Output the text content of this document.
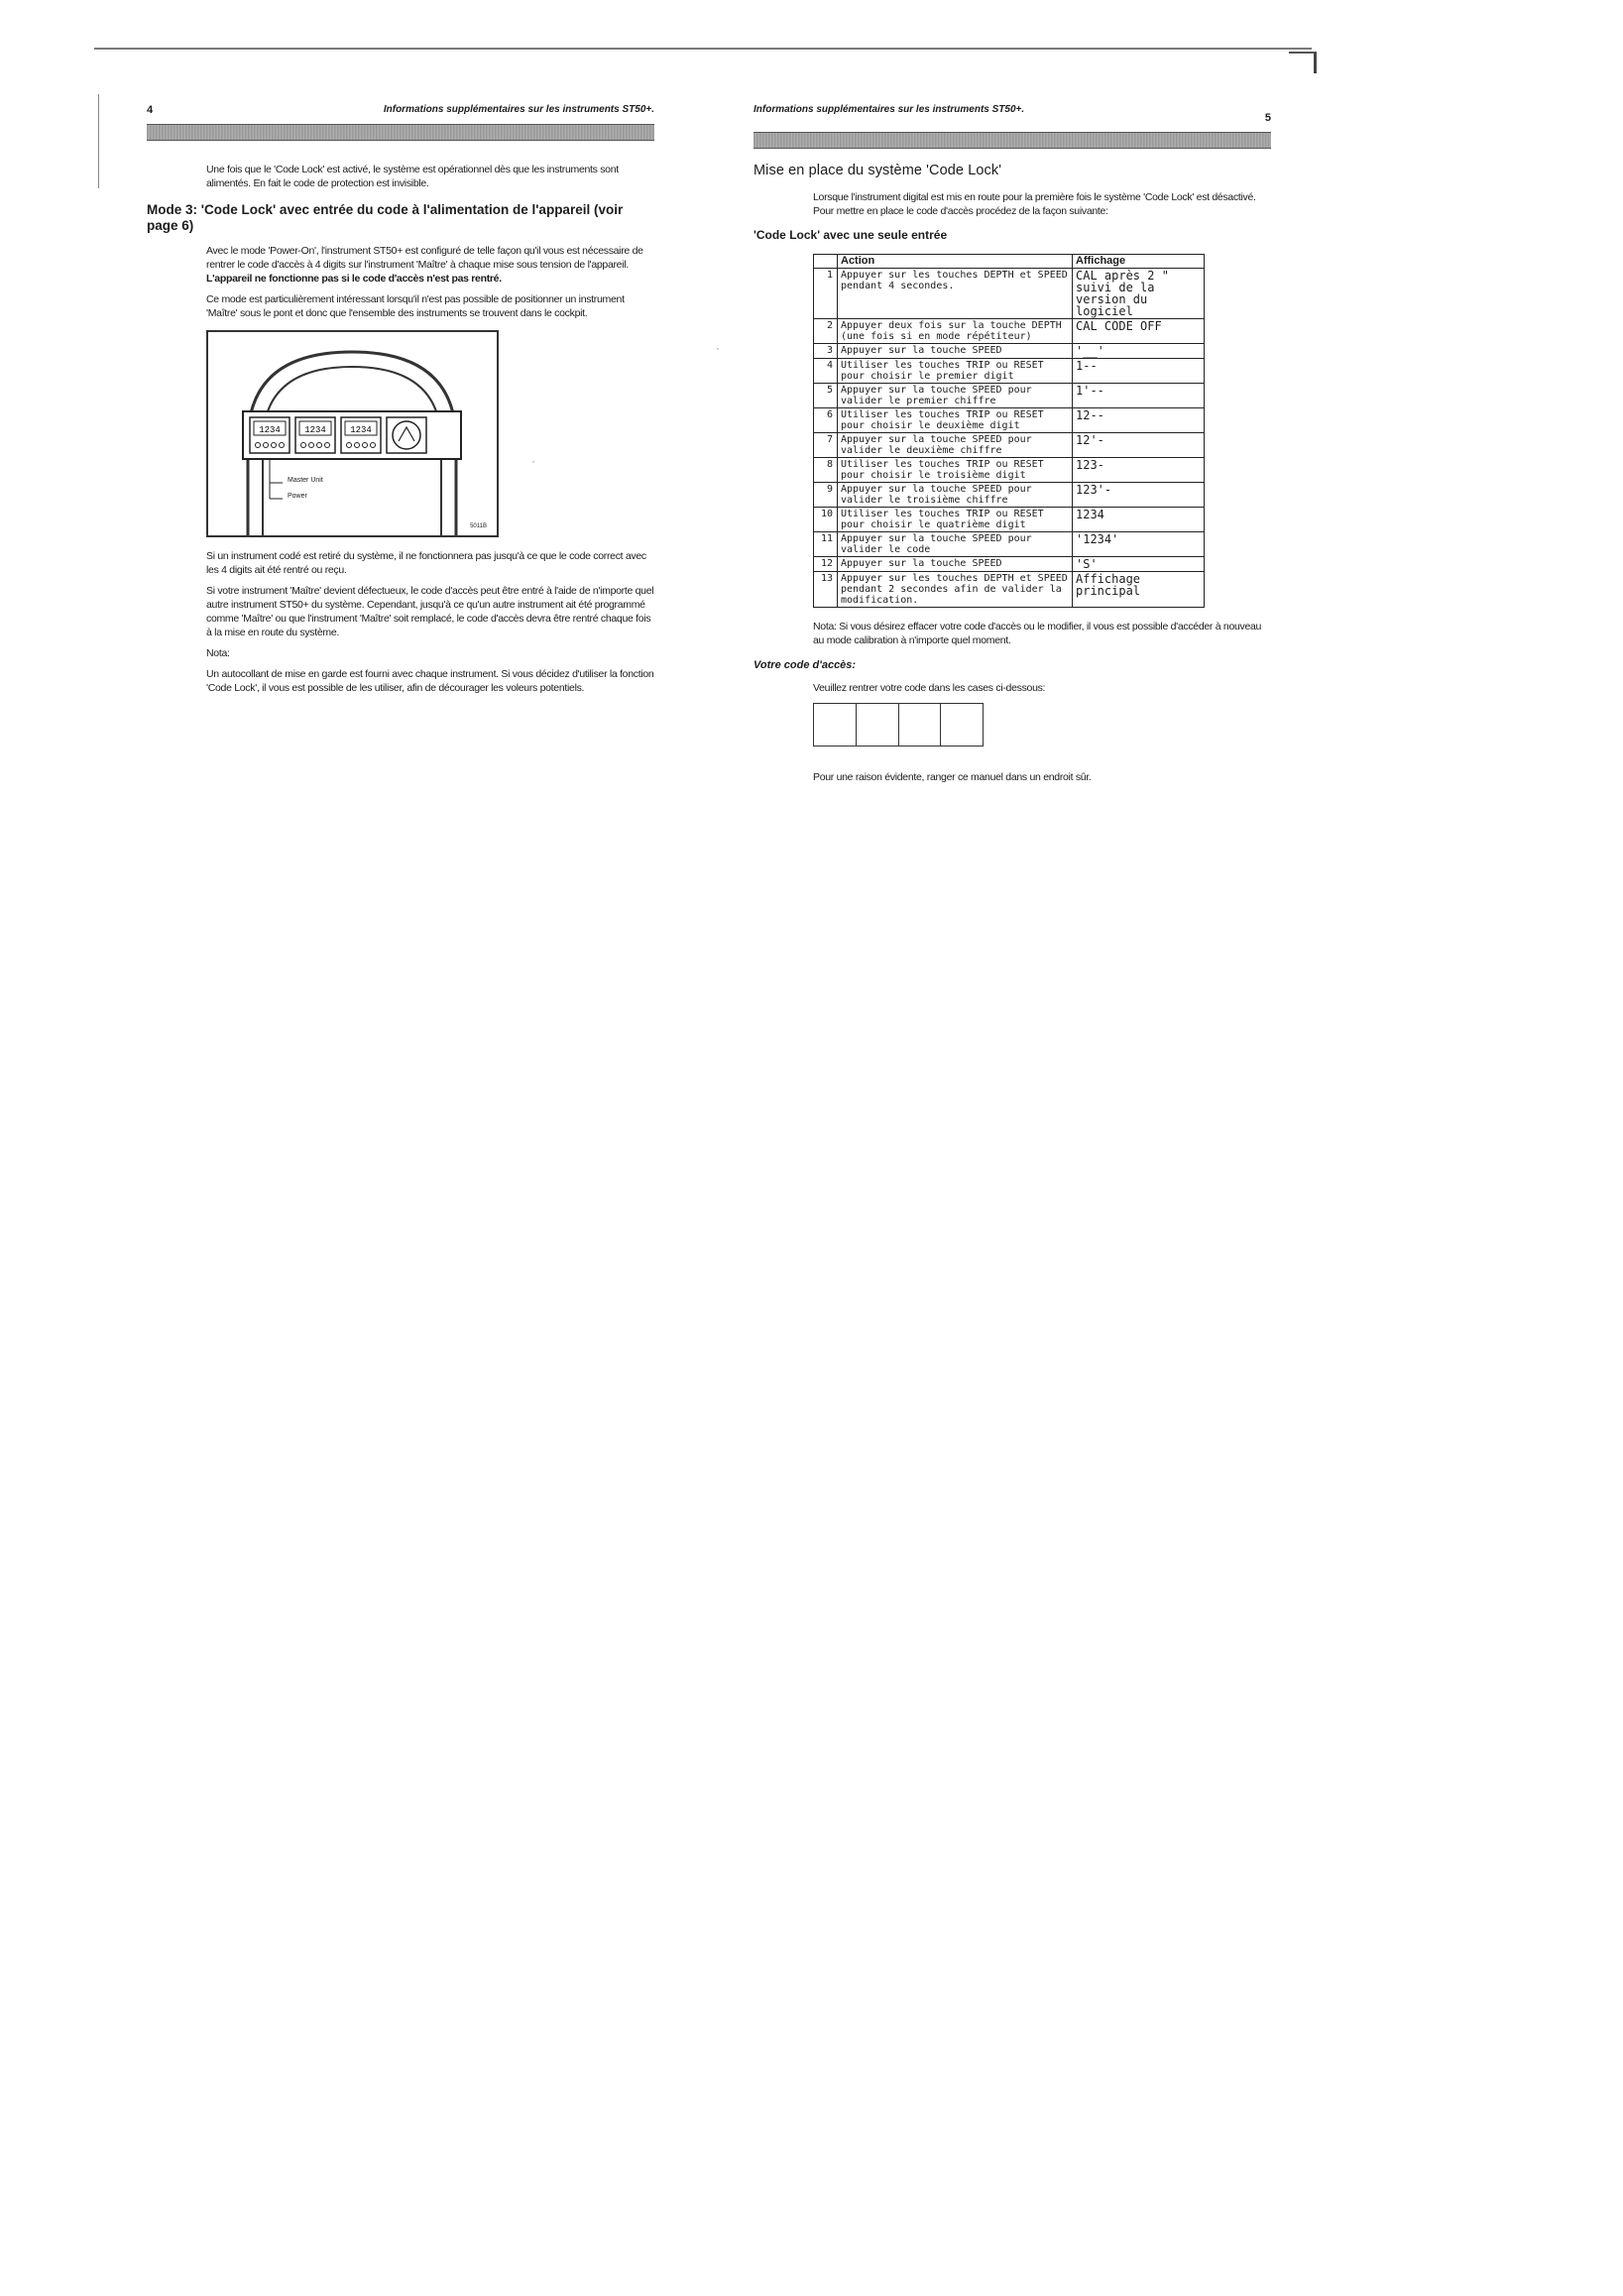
4	Informations supplémentaires sur les instruments ST50+.

Une fois que le 'Code Lock' est activé, le système est opérationnel dès que les instruments sont alimentés. En fait le code de protection est invisible.

Mode 3: 'Code Lock' avec entrée du code à l'alimentation de l'appareil (voir page 6)

Avec le mode 'Power-On', l'instrument ST50+ est configuré de telle façon qu'il vous est nécessaire de rentrer le code d'accès à 4 digits sur l'instrument 'Maître' à chaque mise sous tension de l'appareil. L'appareil ne fonctionne pas si le code d'accès n'est pas rentré.

Ce mode est particulièrement intéressant lorsqu'il n'est pas possible de positionner un instrument 'Maître' sous le pont et donc que l'ensemble des instruments se trouvent dans le cockpit.

1234	1234	1234
Master Unit
Power
5011B

Si un instrument codé est retiré du système, il ne fonctionnera pas jusqu'à ce que le code correct avec les 4 digits ait été rentré ou reçu.

Si votre instrument 'Maître' devient défectueux, le code d'accès peut être entré à l'aide de n'importe quel autre instrument ST50+ du système. Cependant, jusqu'à ce qu'un autre instrument ait été programmé comme 'Maître' ou que l'instrument 'Maître' soit remplacé, le code d'accès devra être rentré chaque fois à la mise en route du système.

Nota:

Un autocollant de mise en garde est fourni avec chaque instrument. Si vous décidez d'utiliser la fonction 'Code Lock', il vous est possible de les utiliser, afin de décourager les voleurs potentiels.

Informations supplémentaires sur les instruments ST50+.
5
Mise en place du système 'Code Lock'

Lorsque l'instrument digital est mis en route pour la première fois le système 'Code Lock' est désactivé. Pour mettre en place le code d'accès procédez de la façon suivante:

'Code Lock' avec une seule entrée
	Action	Affichage
1	Appuyer sur les touches DEPTH et SPEED pendant 4 secondes.	CAL après 2 " suivi de la version du logiciel
2	Appuyer deux fois sur la touche DEPTH (une fois si en mode répétiteur)	CAL CODE OFF
3	Appuyer sur la touche SPEED	'__'
4	Utiliser les touches TRIP ou RESET pour choisir le premier digit	1--
5	Appuyer sur la touche SPEED pour valider le premier chiffre	1'--
6	Utiliser les touches TRIP ou RESET pour choisir le deuxième digit	12--
7	Appuyer sur la touche SPEED pour valider le deuxième chiffre	12'-
8	Utiliser les touches TRIP ou RESET pour choisir le troisième digit	123-
9	Appuyer sur la touche SPEED pour valider le troisième chiffre	123'-
10	Utiliser les touches TRIP ou RESET pour choisir le quatrième digit	1234
11	Appuyer sur la touche SPEED pour valider le code	'1234'
12	Appuyer sur la touche SPEED	'S'
13	Appuyer sur les touches DEPTH et SPEED pendant 2 secondes afin de valider la modification.	Affichage principal

Nota: Si vous désirez effacer votre code d'accès ou le modifier, il vous est possible d'accéder à nouveau au mode calibration à n'importe quel moment.

Votre code d'accès:

Veuillez rentrer votre code dans les cases ci-dessous:

Pour une raison évidente, ranger ce manuel dans un endroit sûr.

·
·
